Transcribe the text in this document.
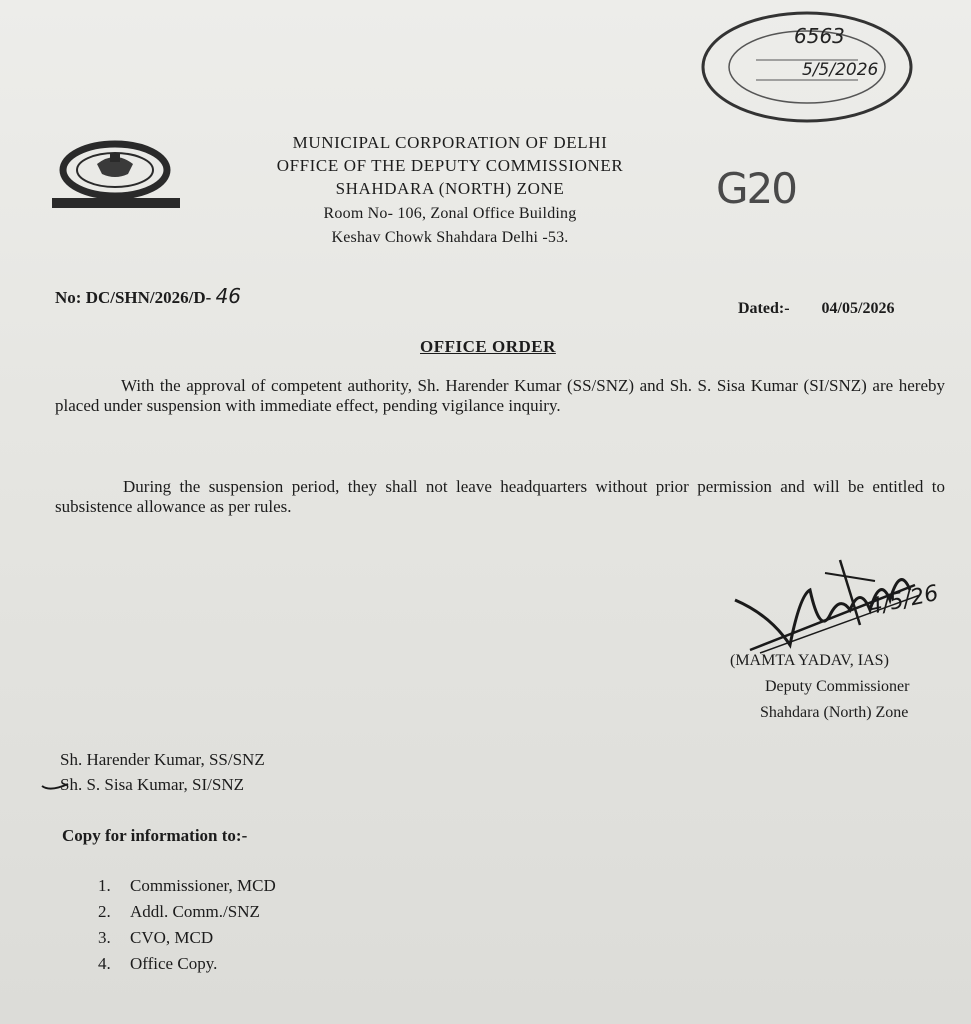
MUNICIPAL CORPORATION OF DELHI
OFFICE OF THE DEPUTY COMMISSIONER
SHAHDARA (NORTH) ZONE
Room No- 106, Zonal Office Building
Keshav Chowk Shahdara Delhi -53.
G20
6563
5/5/2026
No: DC/SHN/2026/D- 46
Dated:- 04/05/2026
OFFICE ORDER
With the approval of competent authority, Sh. Harender Kumar (SS/SNZ) and Sh. S. Sisa Kumar (SI/SNZ) are hereby placed under suspension with immediate effect, pending vigilance inquiry.
During the suspension period, they shall not leave headquarters without prior permission and will be entitled to subsistence allowance as per rules.
4/5/26
(MAMTA YADAV, IAS)
Deputy Commissioner
Shahdara (North) Zone
Sh. Harender Kumar, SS/SNZ
Sh. S. Sisa Kumar, SI/SNZ
Copy for information to:-
1. Commissioner, MCD
2. Addl. Comm./SNZ
3. CVO, MCD
4. Office Copy.
